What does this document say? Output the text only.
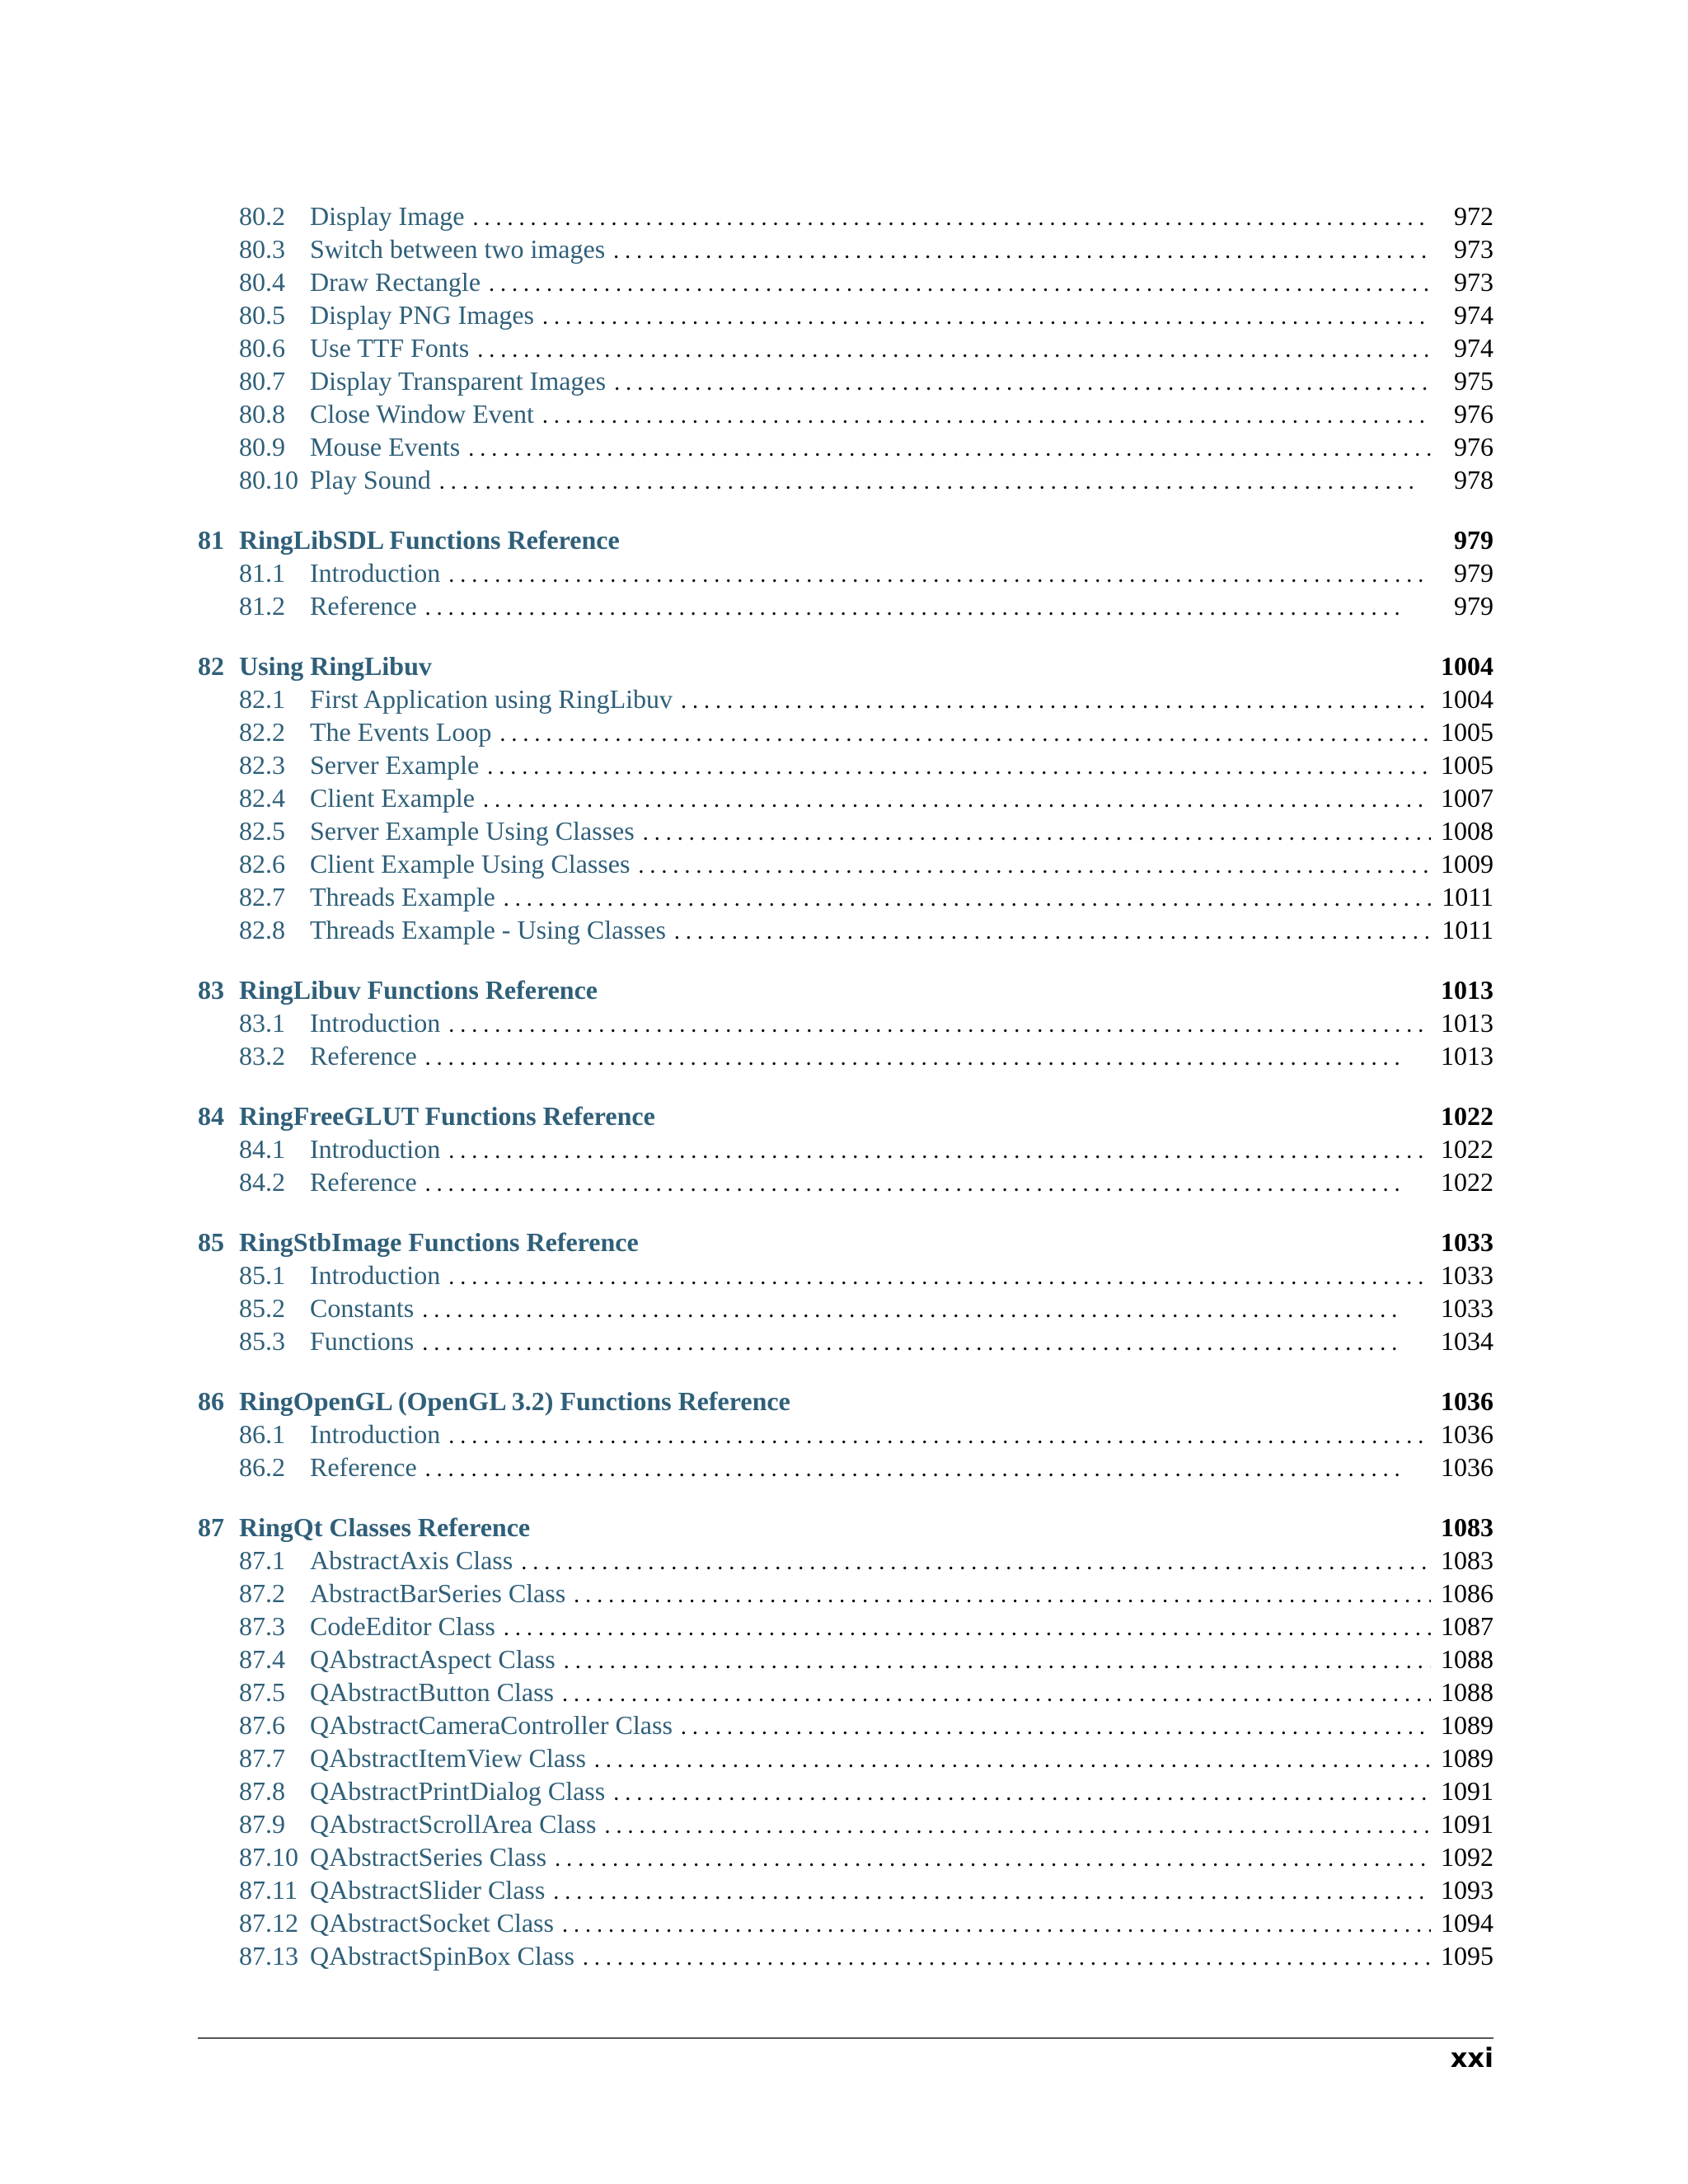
80.2 Display Image . . .	972
80.3 Switch between two images . . .	973
80.4 Draw Rectangle . . .	973
80.5 Display PNG Images . . .	974
80.6 Use TTF Fonts . . .	974
80.7 Display Transparent Images . . .	975
80.8 Close Window Event . . .	976
80.9 Mouse Events . . .	976
80.10 Play Sound . . .	978
81 RingLibSDL Functions Reference	979
81.1 Introduction . . .	979
81.2 Reference . . .	979
82 Using RingLibuv	1004
82.1 First Application using RingLibuv . . .	1004
82.2 The Events Loop . . .	1005
82.3 Server Example . . .	1005
82.4 Client Example . . .	1007
82.5 Server Example Using Classes . . .	1008
82.6 Client Example Using Classes . . .	1009
82.7 Threads Example . . .	1011
82.8 Threads Example - Using Classes . . .	1011
83 RingLibuv Functions Reference	1013
83.1 Introduction . . .	1013
83.2 Reference . . .	1013
84 RingFreeGLUT Functions Reference	1022
84.1 Introduction . . .	1022
84.2 Reference . . .	1022
85 RingStbImage Functions Reference	1033
85.1 Introduction . . .	1033
85.2 Constants . . .	1033
85.3 Functions . . .	1034
86 RingOpenGL (OpenGL 3.2) Functions Reference	1036
86.1 Introduction . . .	1036
86.2 Reference . . .	1036
87 RingQt Classes Reference	1083
87.1 AbstractAxis Class . . .	1083
87.2 AbstractBarSeries Class . . .	1086
87.3 CodeEditor Class . . .	1087
87.4 QAbstractAspect Class . . .	1088
87.5 QAbstractButton Class . . .	1088
87.6 QAbstractCameraController Class . . .	1089
87.7 QAbstractItemView Class . . .	1089
87.8 QAbstractPrintDialog Class . . .	1091
87.9 QAbstractScrollArea Class . . .	1091
87.10 QAbstractSeries Class . . .	1092
87.11 QAbstractSlider Class . . .	1093
87.12 QAbstractSocket Class . . .	1094
87.13 QAbstractSpinBox Class . . .	1095
xxi
